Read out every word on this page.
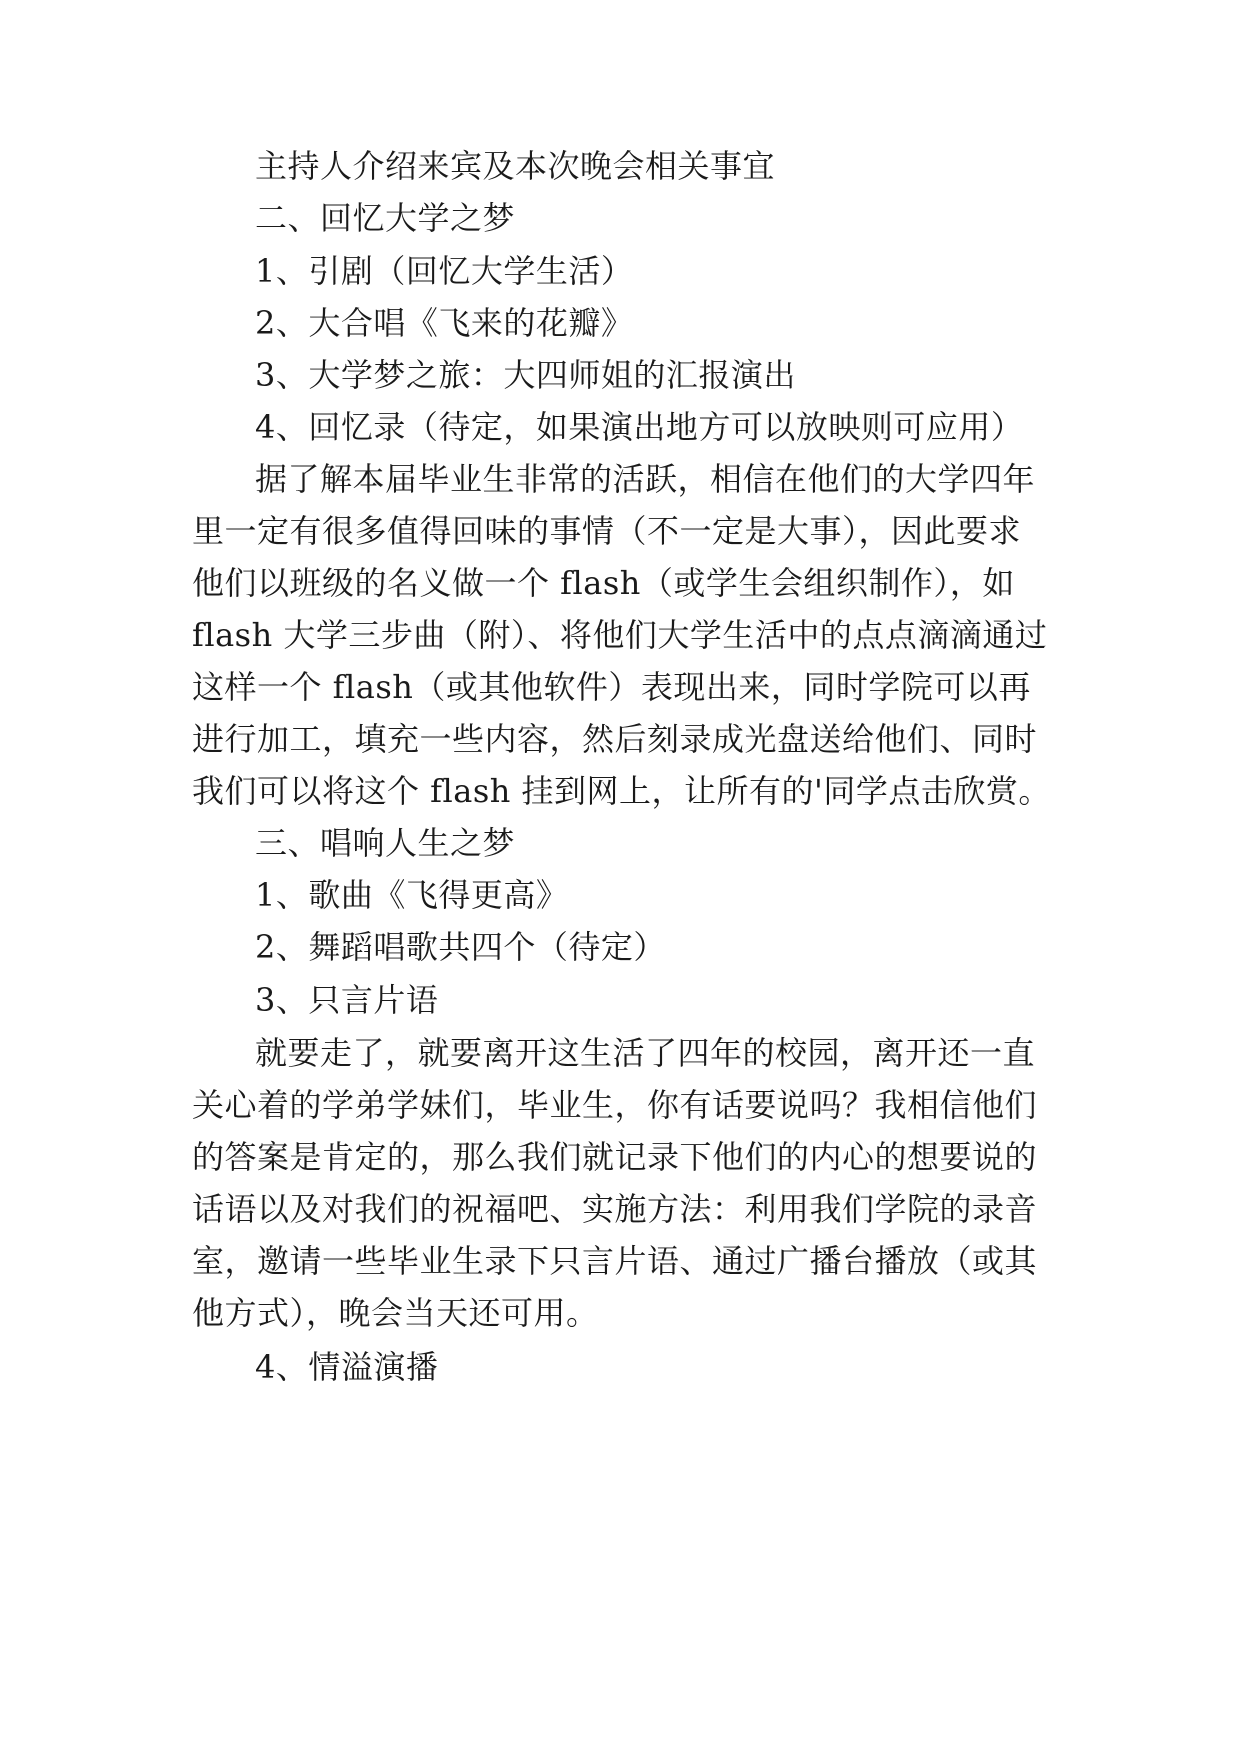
主持人介绍来宾及本次晚会相关事宜

二、回忆大学之梦

1、引剧（回忆大学生活）

2、大合唱《飞来的花瓣》

3、大学梦之旅：大四师姐的汇报演出

4、回忆录（待定，如果演出地方可以放映则可应用）

据了解本届毕业生非常的活跃，相信在他们的大学四年

里一定有很多值得回味的事情（不一定是大事），因此要求

他们以班级的名义做一个 flash（或学生会组织制作），如

flash 大学三步曲（附）、将他们大学生活中的点点滴滴通过

这样一个 flash（或其他软件）表现出来，同时学院可以再

进行加工，填充一些内容，然后刻录成光盘送给他们、同时

我们可以将这个 flash 挂到网上，让所有的'同学点击欣赏。

三、唱响人生之梦

1、歌曲《飞得更高》

2、舞蹈唱歌共四个（待定）

3、只言片语

就要走了，就要离开这生活了四年的校园，离开还一直

关心着的学弟学妹们，毕业生，你有话要说吗？我相信他们

的答案是肯定的，那么我们就记录下他们的内心的想要说的

话语以及对我们的祝福吧、实施方法：利用我们学院的录音

室，邀请一些毕业生录下只言片语、通过广播台播放（或其

他方式），晚会当天还可用。

4、情溢演播
